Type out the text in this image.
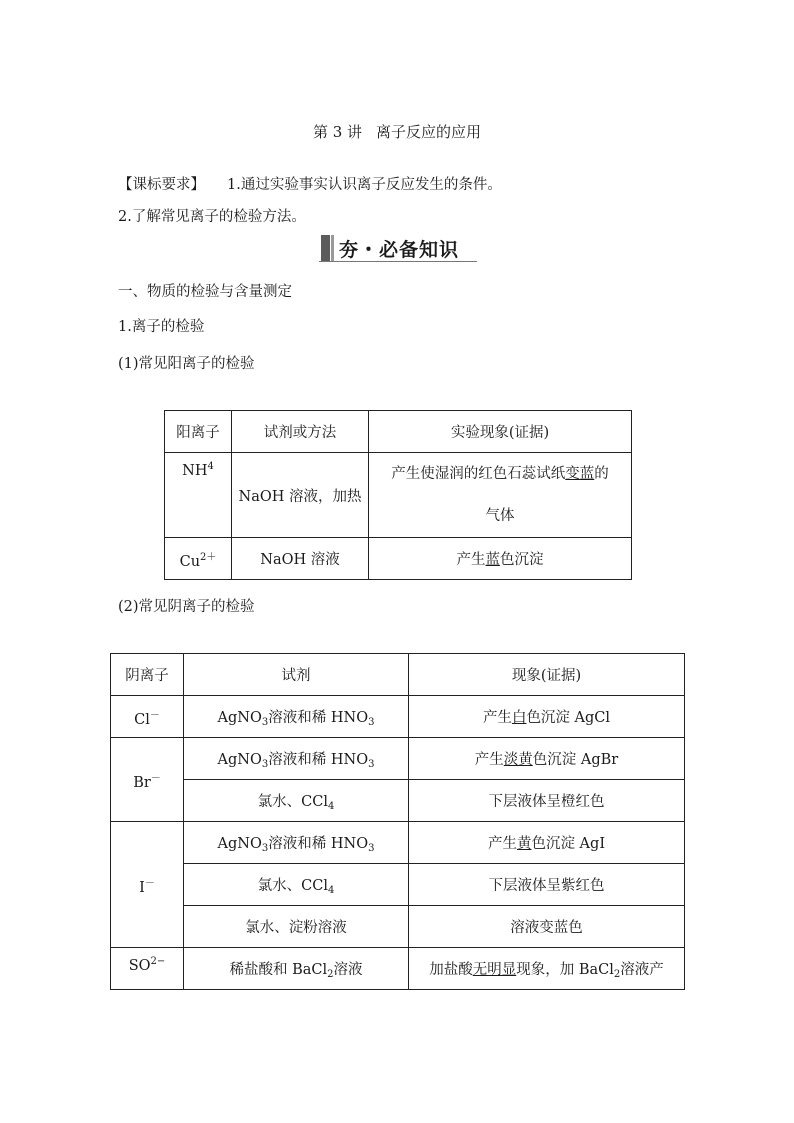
第 3 讲 离子反应的应用
【课标要求】 1.通过实验事实认识离子反应发生的条件。
2.了解常见离子的检验方法。
夯・必备知识
一、物质的检验与含量测定
1.离子的检验
(1)常见阳离子的检验
阳离子	试剂或方法	实验现象(证据)
$NH^4$	NaOH 溶液，加热	产生使湿润的红色石蕊试纸变蓝的
气体
$Cu^{2+}$	NaOH 溶液	产生蓝色沉淀
(2)常见阴离子的检验
阴离子	试剂	现象(证据)
Cl－	AgNO$_3$溶液和稀 $HNO_3$	产生白色沉淀 AgCl
Br－	AgNO$_3$溶液和稀 $HNO_3$	产生淡黄色沉淀 AgBr
	氯水、CCl$_4$	下层液体呈橙红色
I－	AgNO$_3$溶液和稀 $HNO_3$	产生黄色沉淀 AgI
	氯水、CCl$_4$	下层液体呈紫红色
	氯水、淀粉溶液	溶液变蓝色
$SO^{2-}$	稀盐酸和 BaCl$_2$溶液	加盐酸无明显现象，加 BaCl$_2$溶液产
